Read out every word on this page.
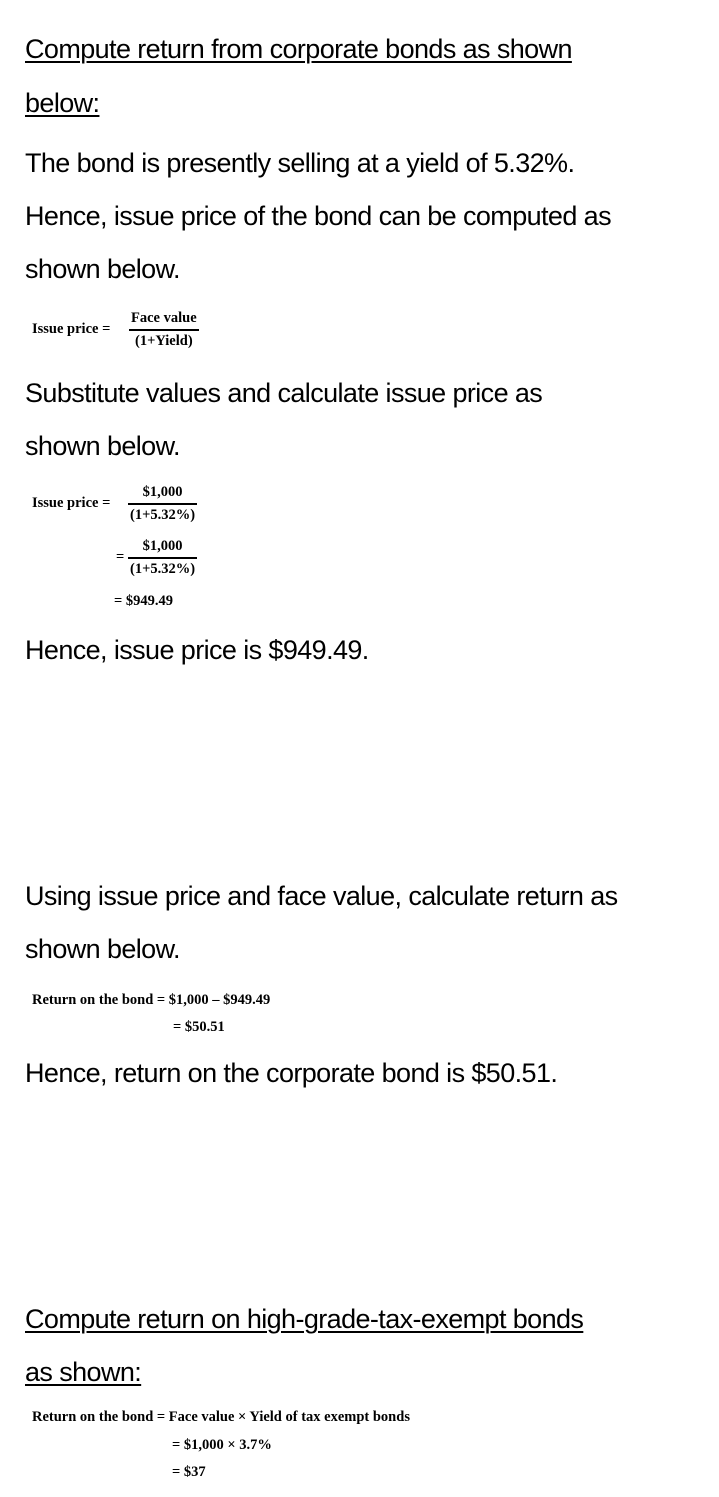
Compute return from corporate bonds as shown

below:

The bond is presently selling at a yield of 5.32%.

Hence, issue price of the bond can be computed as

shown below.

Issue price =
Face value
(1+Yield)

Substitute values and calculate issue price as

shown below.

Issue price =
$1,000
(1+5.32%)
=
$1,000
(1+5.32%)
= $949.49

Hence, issue price is $949.49.

Using issue price and face value, calculate return as

shown below.

Return on the bond = $1,000 – $949.49
= $50.51

Hence, return on the corporate bond is $50.51.

Compute return on high-grade-tax-exempt bonds

as shown:

Return on the bond = Face value × Yield of tax exempt bonds
= $1,000 × 3.7%
= $37
